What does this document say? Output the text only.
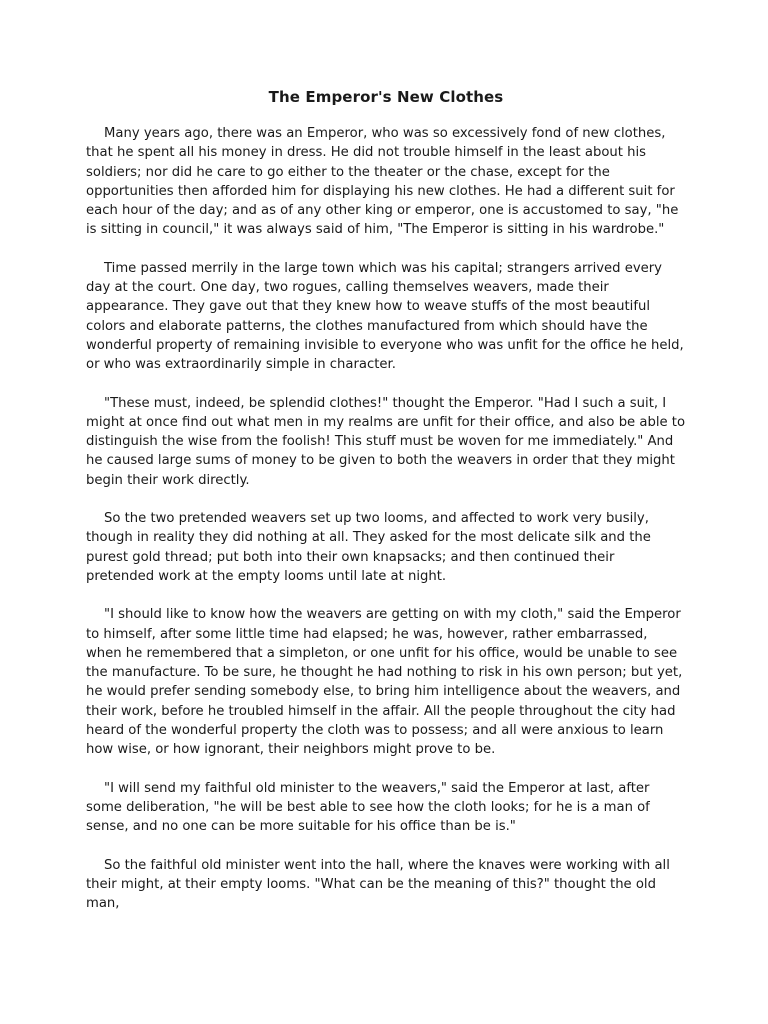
The Emperor's New Clothes

Many years ago, there was an Emperor, who was so excessively fond of new clothes, that he spent all his money in dress. He did not trouble himself in the least about his soldiers; nor did he care to go either to the theater or the chase, except for the opportunities then afforded him for displaying his new clothes. He had a different suit for each hour of the day; and as of any other king or emperor, one is accustomed to say, "he is sitting in council," it was always said of him, "The Emperor is sitting in his wardrobe."

Time passed merrily in the large town which was his capital; strangers arrived every day at the court. One day, two rogues, calling themselves weavers, made their appearance. They gave out that they knew how to weave stuffs of the most beautiful colors and elaborate patterns, the clothes manufactured from which should have the wonderful property of remaining invisible to everyone who was unfit for the office he held, or who was extraordinarily simple in character.

"These must, indeed, be splendid clothes!" thought the Emperor. "Had I such a suit, I might at once find out what men in my realms are unfit for their office, and also be able to distinguish the wise from the foolish! This stuff must be woven for me immediately." And he caused large sums of money to be given to both the weavers in order that they might begin their work directly.

So the two pretended weavers set up two looms, and affected to work very busily, though in reality they did nothing at all. They asked for the most delicate silk and the purest gold thread; put both into their own knapsacks; and then continued their pretended work at the empty looms until late at night.

"I should like to know how the weavers are getting on with my cloth," said the Emperor to himself, after some little time had elapsed; he was, however, rather embarrassed, when he remembered that a simpleton, or one unfit for his office, would be unable to see the manufacture. To be sure, he thought he had nothing to risk in his own person; but yet, he would prefer sending somebody else, to bring him intelligence about the weavers, and their work, before he troubled himself in the affair. All the people throughout the city had heard of the wonderful property the cloth was to possess; and all were anxious to learn how wise, or how ignorant, their neighbors might prove to be.

"I will send my faithful old minister to the weavers," said the Emperor at last, after some deliberation, "he will be best able to see how the cloth looks; for he is a man of sense, and no one can be more suitable for his office than be is."

So the faithful old minister went into the hall, where the knaves were working with all their might, at their empty looms. "What can be the meaning of this?" thought the old man,
